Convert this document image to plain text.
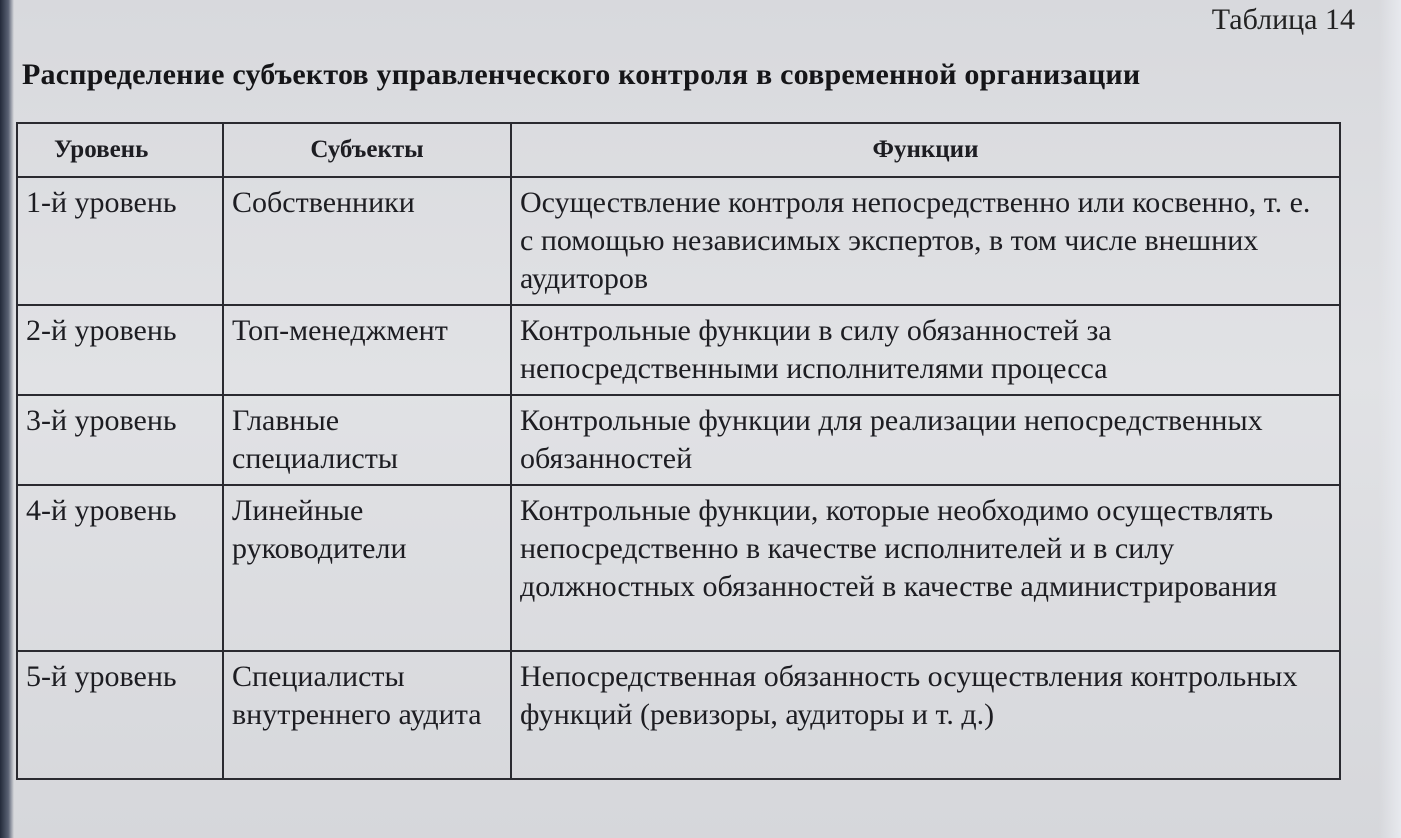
Таблица 14
Распределение субъектов управленческого контроля в современной организации
Уровень	Субъекты	Функции
1-й уровень	Собственники	Осуществление контроля непосредственно или косвенно, т. е. с помощью независимых экспертов, в том числе внешних аудиторов
2-й уровень	Топ-менеджмент	Контрольные функции в силу обязанностей за непосредственными исполнителями процесса
3-й уровень	Главные специалисты	Контрольные функции для реализации непосредственных обязанностей
4-й уровень	Линейные руководители	Контрольные функции, которые необходимо осуществлять непосредственно в качестве исполнителей и в силу должностных обязанностей в качестве администрирования
5-й уровень	Специалисты внутреннего аудита	Непосредственная обязанность осуществления контрольных функций (ревизоры, аудиторы и т. д.)
